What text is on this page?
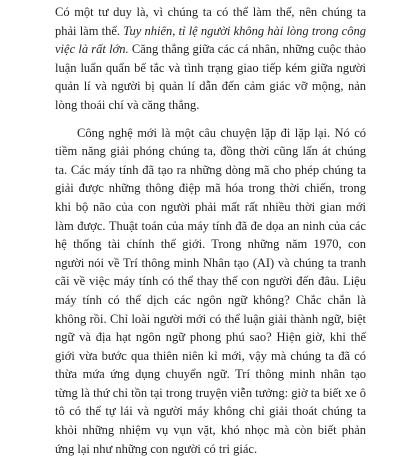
Có một tư duy là, vì chúng ta có thể làm thế, nên chúng ta phải làm thế. Tuy nhiên, tỉ lệ người không hài lòng trong công việc là rất lớn. Căng thẳng giữa các cá nhân, những cuộc thảo luận luẩn quẩn bế tắc và tình trạng giao tiếp kém giữa người quản lí và người bị quản lí dẫn đến cảm giác vỡ mộng, nản lòng thoái chí và căng thẳng.

Công nghệ mới là một câu chuyện lặp đi lặp lại. Nó có tiềm năng giải phóng chúng ta, đồng thời cũng lấn át chúng ta. Các máy tính đã tạo ra những dòng mã cho phép chúng ta giải được những thông điệp mã hóa trong thời chiến, trong khi bộ não của con người phải mất rất nhiều thời gian mới làm được. Thuật toán của máy tính đã đe dọa an ninh của các hệ thống tài chính thế giới. Trong những năm 1970, con người nói về Trí thông minh Nhân tạo (AI) và chúng ta tranh cãi về việc máy tính có thể thay thế con người đến đâu. Liệu máy tính có thể dịch các ngôn ngữ không? Chắc chắn là không rồi. Chỉ loài người mới có thể luận giải thành ngữ, biệt ngữ và địa hạt ngôn ngữ phong phú sao? Hiện giờ, khi thế giới vừa bước qua thiên niên kỉ mới, vậy mà chúng ta đã có thừa mứa ứng dụng chuyển ngữ. Trí thông minh nhân tạo từng là thứ chỉ tồn tại trong truyện viễn tưởng: giờ ta biết xe ô tô có thể tự lái và người máy không chỉ giải thoát chúng ta khỏi những nhiệm vụ vụn vặt, khó nhọc mà còn biết phản ứng lại như những con người có tri giác.
